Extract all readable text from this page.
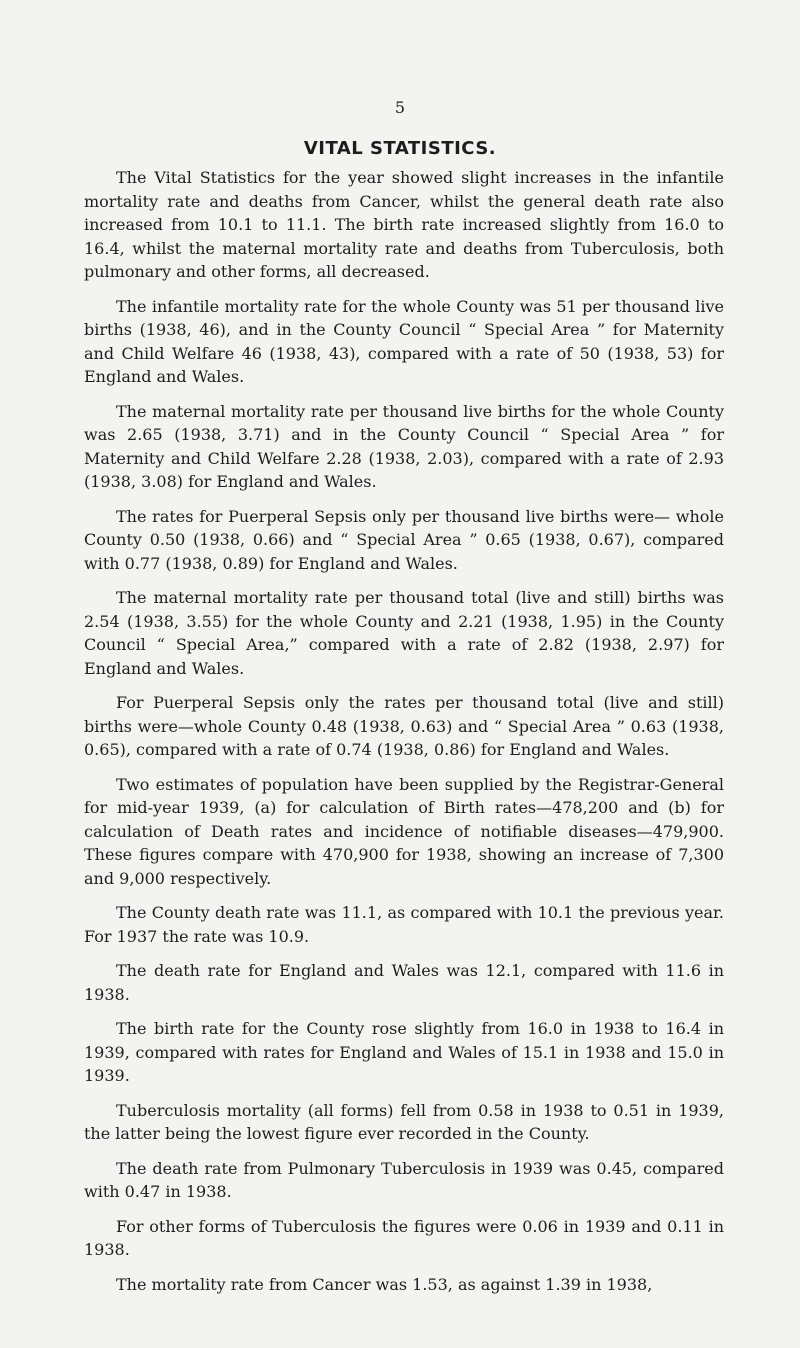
5
VITAL STATISTICS.

The Vital Statistics for the year showed slight increases in the infantile mortality rate and deaths from Cancer, whilst the general death rate also increased from 10.1 to 11.1. The birth rate increased slightly from 16.0 to 16.4, whilst the maternal mortality rate and deaths from Tuberculosis, both pulmonary and other forms, all decreased.

The infantile mortality rate for the whole County was 51 per thousand live births (1938, 46), and in the County Council “ Special Area ” for Maternity and Child Welfare 46 (1938, 43), compared with a rate of 50 (1938, 53) for England and Wales.

The maternal mortality rate per thousand live births for the whole County was 2.65 (1938, 3.71) and in the County Council “ Special Area ” for Maternity and Child Welfare 2.28 (1938, 2.03), compared with a rate of 2.93 (1938, 3.08) for England and Wales.

The rates for Puerperal Sepsis only per thousand live births were— whole County 0.50 (1938, 0.66) and “ Special Area ” 0.65 (1938, 0.67), compared with 0.77 (1938, 0.89) for England and Wales.

The maternal mortality rate per thousand total (live and still) births was 2.54 (1938, 3.55) for the whole County and 2.21 (1938, 1.95) in the County Council “ Special Area,” compared with a rate of 2.82 (1938, 2.97) for England and Wales.

For Puerperal Sepsis only the rates per thousand total (live and still) births were—whole County 0.48 (1938, 0.63) and “ Special Area ” 0.63 (1938, 0.65), compared with a rate of 0.74 (1938, 0.86) for England and Wales.

Two estimates of population have been supplied by the Registrar-General for mid-year 1939, (a) for calculation of Birth rates—478,200 and (b) for calculation of Death rates and incidence of notifiable diseases—479,900. These figures compare with 470,900 for 1938, showing an increase of 7,300 and 9,000 respectively.

The County death rate was 11.1, as compared with 10.1 the previous year. For 1937 the rate was 10.9.

The death rate for England and Wales was 12.1, compared with 11.6 in 1938.

The birth rate for the County rose slightly from 16.0 in 1938 to 16.4 in 1939, compared with rates for England and Wales of 15.1 in 1938 and 15.0 in 1939.

Tuberculosis mortality (all forms) fell from 0.58 in 1938 to 0.51 in 1939, the latter being the lowest figure ever recorded in the County.

The death rate from Pulmonary Tuberculosis in 1939 was 0.45, compared with 0.47 in 1938.

For other forms of Tuberculosis the figures were 0.06 in 1939 and 0.11 in 1938.

The mortality rate from Cancer was 1.53, as against 1.39 in 1938,
